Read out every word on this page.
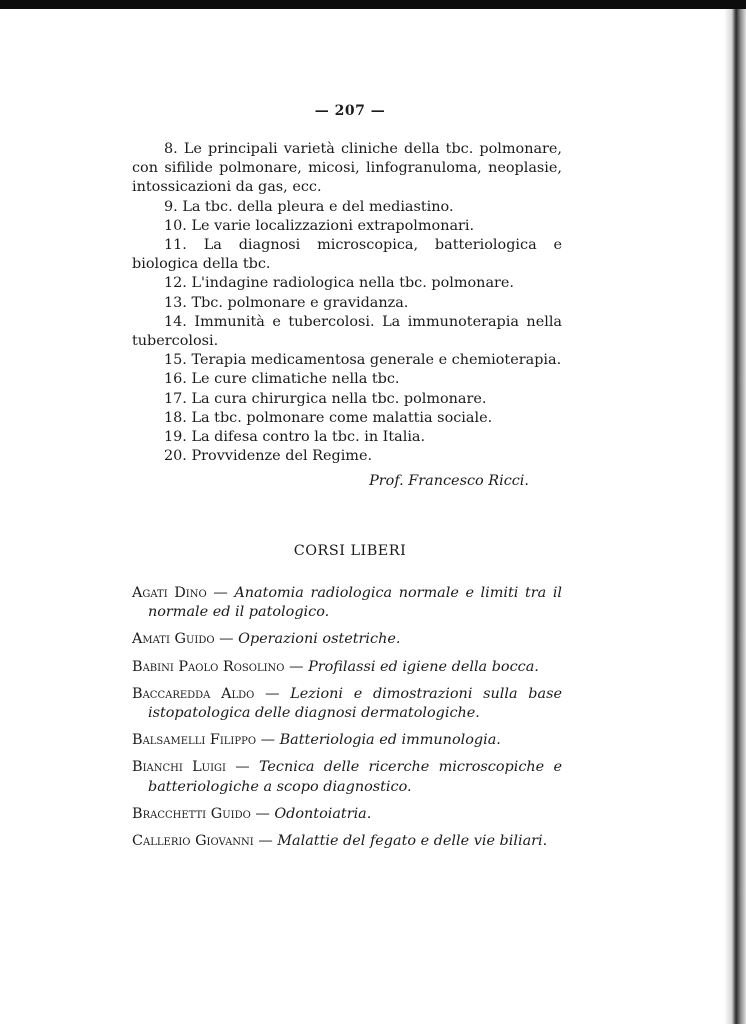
— 207 —
8. Le principali varietà cliniche della tbc. polmonare, con sifilide polmonare, micosi, linfogranuloma, neoplasie, intossicazioni da gas, ecc.
9. La tbc. della pleura e del mediastino.
10. Le varie localizzazioni extrapolmonari.
11. La diagnosi microscopica, batteriologica e biologica della tbc.
12. L'indagine radiologica nella tbc. polmonare.
13. Tbc. polmonare e gravidanza.
14. Immunità e tubercolosi. La immunoterapia nella tubercolosi.
15. Terapia medicamentosa generale e chemioterapia.
16. Le cure climatiche nella tbc.
17. La cura chirurgica nella tbc. polmonare.
18. La tbc. polmonare come malattia sociale.
19. La difesa contro la tbc. in Italia.
20. Provvidenze del Regime.
Prof. Francesco Ricci.
CORSI LIBERI
Agati Dino — Anatomia radiologica normale e limiti tra il normale ed il patologico.
Amati Guido — Operazioni ostetriche.
Babini Paolo Rosolino — Profilassi ed igiene della bocca.
Baccaredda Aldo — Lezioni e dimostrazioni sulla base istopatologica delle diagnosi dermatologiche.
Balsamelli Filippo — Batteriologia ed immunologia.
Bianchi Luigi — Tecnica delle ricerche microscopiche e batteriologiche a scopo diagnostico.
Bracchetti Guido — Odontoiatria.
Callerio Giovanni — Malattie del fegato e delle vie biliari.
